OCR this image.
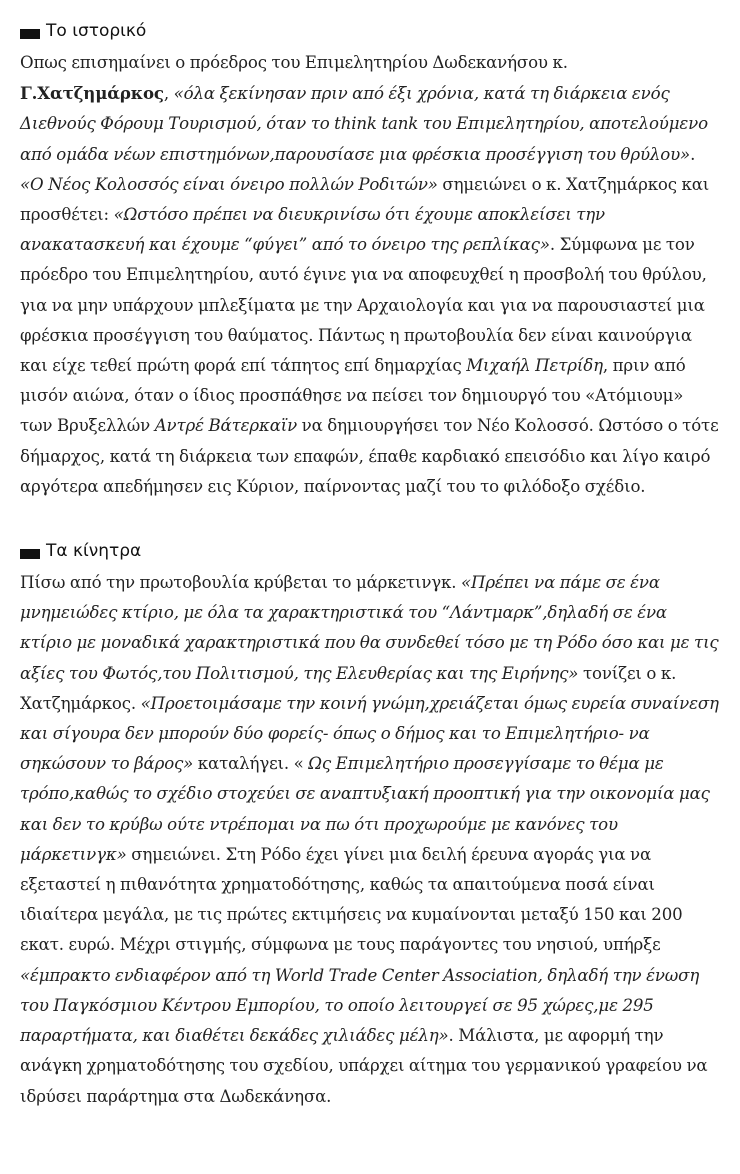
Το ιστορικό

Οπως επισημαίνει ο πρόεδρος του Επιμελητηρίου Δωδεκανήσου κ. Γ.Χατζημάρκος, «όλα ξεκίνησαν πριν από έξι χρόνια, κατά τη διάρκεια ενός Διεθνούς Φόρουμ Τουρισμού, όταν το think tank του Επιμελητηρίου, αποτελούμενο από ομάδα νέων επιστημόνων,παρουσίασε μια φρέσκια προσέγγιση του θρύλου». «Ο Νέος Κολοσσός είναι όνειρο πολλών Ροδιτών» σημειώνει ο κ. Χατζημάρκος και προσθέτει: «Ωστόσο πρέπει να διευκρινίσω ότι έχουμε αποκλείσει την ανακατασκευή και έχουμε “φύγει” από το όνειρο της ρεπλίκας». Σύμφωνα με τον πρόεδρο του Επιμελητηρίου, αυτό έγινε για να αποφευχθεί η προσβολή του θρύλου, για να μην υπάρχουν μπλεξίματα με την Αρχαιολογία και για να παρουσιαστεί μια φρέσκια προσέγγιση του θαύματος. Πάντως η πρωτοβουλία δεν είναι καινούργια και είχε τεθεί πρώτη φορά επί τάπητος επί δημαρχίας Μιχαήλ Πετρίδη, πριν από μισόν αιώνα, όταν ο ίδιος προσπάθησε να πείσει τον δημιουργό του «Ατόμιουμ» των Βρυξελλών Αντρέ Βάτερκαϊν να δημιουργήσει τον Νέο Κολοσσό. Ωστόσο ο τότε δήμαρχος, κατά τη διάρκεια των επαφών, έπαθε καρδιακό επεισόδιο και λίγο καιρό αργότερα απεδήμησεν εις Κύριον, παίρνοντας μαζί του το φιλόδοξο σχέδιο.

Τα κίνητρα

Πίσω από την πρωτοβουλία κρύβεται το μάρκετινγκ. «Πρέπει να πάμε σε ένα μνημειώδες κτίριο, με όλα τα χαρακτηριστικά του “Λάντμαρκ”,δηλαδή σε ένα κτίριο με μοναδικά χαρακτηριστικά που θα συνδεθεί τόσο με τη Ρόδο όσο και με τις αξίες του Φωτός,του Πολιτισμού, της Ελευθερίας και της Ειρήνης» τονίζει ο κ. Χατζημάρκος. «Προετοιμάσαμε την κοινή γνώμη,χρειάζεται όμως ευρεία συναίνεση και σίγουρα δεν μπορούν δύο φορείς- όπως ο δήμος και το Επιμελητήριο- να σηκώσουν το βάρος» καταλήγει. « Ως Επιμελητήριο προσεγγίσαμε το θέμα με τρόπο,καθώς το σχέδιο στοχεύει σε αναπτυξιακή προοπτική για την οικονομία μας και δεν το κρύβω ούτε ντρέπομαι να πω ότι προχωρούμε με κανόνες του μάρκετινγκ» σημειώνει. Στη Ρόδο έχει γίνει μια δειλή έρευνα αγοράς για να εξεταστεί η πιθανότητα χρηματοδότησης, καθώς τα απαιτούμενα ποσά είναι ιδιαίτερα μεγάλα, με τις πρώτες εκτιμήσεις να κυμαίνονται μεταξύ 150 και 200 εκατ. ευρώ. Μέχρι στιγμής, σύμφωνα με τους παράγοντες του νησιού, υπήρξε «έμπρακτο ενδιαφέρον από τη World Trade Center Association, δηλαδή την ένωση του Παγκόσμιου Κέντρου Εμπορίου, το οποίο λειτουργεί σε 95 χώρες,με 295 παραρτήματα, και διαθέτει δεκάδες χιλιάδες μέλη». Μάλιστα, με αφορμή την ανάγκη χρηματοδότησης του σχεδίου, υπάρχει αίτημα του γερμανικού γραφείου να ιδρύσει παράρτημα στα Δωδεκάνησα.
